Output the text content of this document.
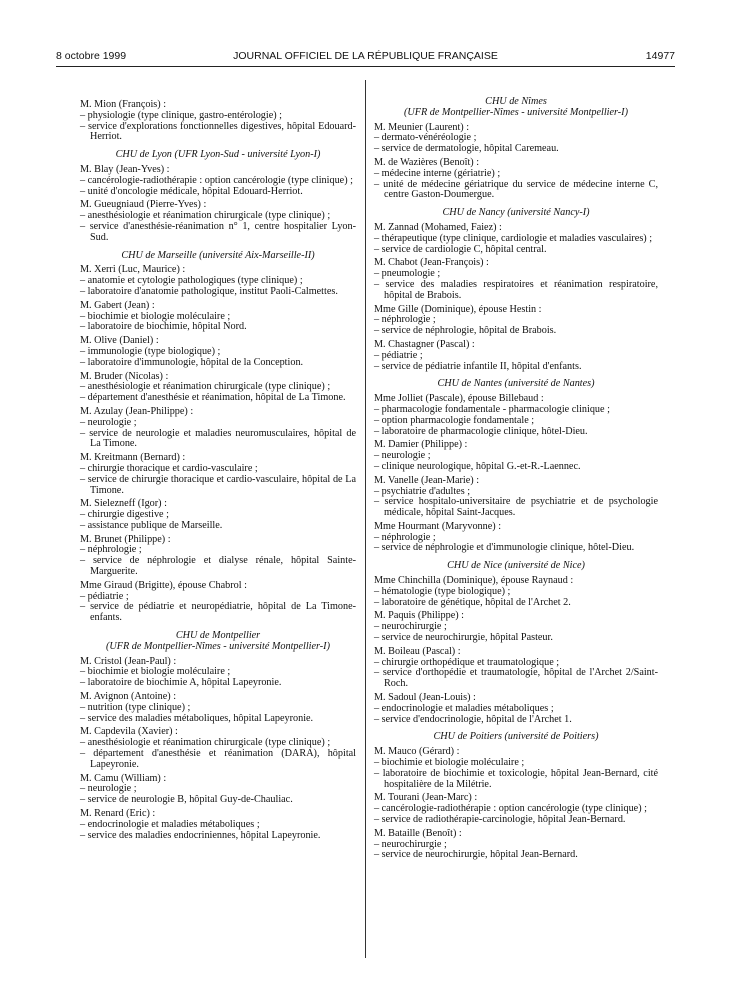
8 octobre 1999	JOURNAL OFFICIEL DE LA RÉPUBLIQUE FRANÇAISE	14977
M. Mion (François) :
– physiologie (type clinique, gastro-entérologie) ;
– service d'explorations fonctionnelles digestives, hôpital Edouard-Herriot.
CHU de Lyon (UFR Lyon-Sud - université Lyon-I)
M. Blay (Jean-Yves) :
– cancérologie-radiothérapie : option cancérologie (type clinique) ;
– unité d'oncologie médicale, hôpital Edouard-Herriot.
M. Gueugniaud (Pierre-Yves) :
– anesthésiologie et réanimation chirurgicale (type clinique) ;
– service d'anesthésie-réanimation n° 1, centre hospitalier Lyon-Sud.
CHU de Marseille (université Aix-Marseille-II)
M. Xerri (Luc, Maurice) :
– anatomie et cytologie pathologiques (type clinique) ;
– laboratoire d'anatomie pathologique, institut Paoli-Calmettes.
M. Gabert (Jean) :
– biochimie et biologie moléculaire ;
– laboratoire de biochimie, hôpital Nord.
M. Olive (Daniel) :
– immunologie (type biologique) ;
– laboratoire d'immunologie, hôpital de la Conception.
M. Bruder (Nicolas) :
– anesthésiologie et réanimation chirurgicale (type clinique) ;
– département d'anesthésie et réanimation, hôpital de La Timone.
M. Azulay (Jean-Philippe) :
– neurologie ;
– service de neurologie et maladies neuromusculaires, hôpital de La Timone.
M. Kreitmann (Bernard) :
– chirurgie thoracique et cardio-vasculaire ;
– service de chirurgie thoracique et cardio-vasculaire, hôpital de La Timone.
M. Sielezneff (Igor) :
– chirurgie digestive ;
– assistance publique de Marseille.
M. Brunet (Philippe) :
– néphrologie ;
– service de néphrologie et dialyse rénale, hôpital Sainte-Marguerite.
Mme Giraud (Brigitte), épouse Chabrol :
– pédiatrie ;
– service de pédiatrie et neuropédiatrie, hôpital de La Timone-enfants.
CHU de Montpellier
(UFR de Montpellier-Nîmes - université Montpellier-I)
M. Cristol (Jean-Paul) :
– biochimie et biologie moléculaire ;
– laboratoire de biochimie A, hôpital Lapeyronie.
M. Avignon (Antoine) :
– nutrition (type clinique) ;
– service des maladies métaboliques, hôpital Lapeyronie.
M. Capdevila (Xavier) :
– anesthésiologie et réanimation chirurgicale (type clinique) ;
– département d'anesthésie et réanimation (DARA), hôpital Lapeyronie.
M. Camu (William) :
– neurologie ;
– service de neurologie B, hôpital Guy-de-Chauliac.
M. Renard (Eric) :
– endocrinologie et maladies métaboliques ;
– service des maladies endocriniennes, hôpital Lapeyronie.
CHU de Nîmes
(UFR de Montpellier-Nîmes - université Montpellier-I)
M. Meunier (Laurent) :
– dermato-vénéréologie ;
– service de dermatologie, hôpital Caremeau.
M. de Wazières (Benoît) :
– médecine interne (gériatrie) ;
– unité de médecine gériatrique du service de médecine interne C, centre Gaston-Doumergue.
CHU de Nancy (université Nancy-I)
M. Zannad (Mohamed, Faiez) :
– thérapeutique (type clinique, cardiologie et maladies vasculaires) ;
– service de cardiologie C, hôpital central.
M. Chabot (Jean-François) :
– pneumologie ;
– service des maladies respiratoires et réanimation respiratoire, hôpital de Brabois.
Mme Gille (Dominique), épouse Hestin :
– néphrologie ;
– service de néphrologie, hôpital de Brabois.
M. Chastagner (Pascal) :
– pédiatrie ;
– service de pédiatrie infantile II, hôpital d'enfants.
CHU de Nantes (université de Nantes)
Mme Jolliet (Pascale), épouse Billebaud :
– pharmacologie fondamentale - pharmacologie clinique ;
– option pharmacologie fondamentale ;
– laboratoire de pharmacologie clinique, hôtel-Dieu.
M. Damier (Philippe) :
– neurologie ;
– clinique neurologique, hôpital G.-et-R.-Laennec.
M. Vanelle (Jean-Marie) :
– psychiatrie d'adultes ;
– service hospitalo-universitaire de psychiatrie et de psychologie médicale, hôpital Saint-Jacques.
Mme Hourmant (Maryvonne) :
– néphrologie ;
– service de néphrologie et d'immunologie clinique, hôtel-Dieu.
CHU de Nice (université de Nice)
Mme Chinchilla (Dominique), épouse Raynaud :
– hématologie (type biologique) ;
– laboratoire de génétique, hôpital de l'Archet 2.
M. Paquis (Philippe) :
– neurochirurgie ;
– service de neurochirurgie, hôpital Pasteur.
M. Boileau (Pascal) :
– chirurgie orthopédique et traumatologique ;
– service d'orthopédie et traumatologie, hôpital de l'Archet 2/Saint-Roch.
M. Sadoul (Jean-Louis) :
– endocrinologie et maladies métaboliques ;
– service d'endocrinologie, hôpital de l'Archet 1.
CHU de Poitiers (université de Poitiers)
M. Mauco (Gérard) :
– biochimie et biologie moléculaire ;
– laboratoire de biochimie et toxicologie, hôpital Jean-Bernard, cité hospitalière de la Milétrie.
M. Tourani (Jean-Marc) :
– cancérologie-radiothérapie : option cancérologie (type clinique) ;
– service de radiothérapie-carcinologie, hôpital Jean-Bernard.
M. Bataille (Benoît) :
– neurochirurgie ;
– service de neurochirurgie, hôpital Jean-Bernard.
